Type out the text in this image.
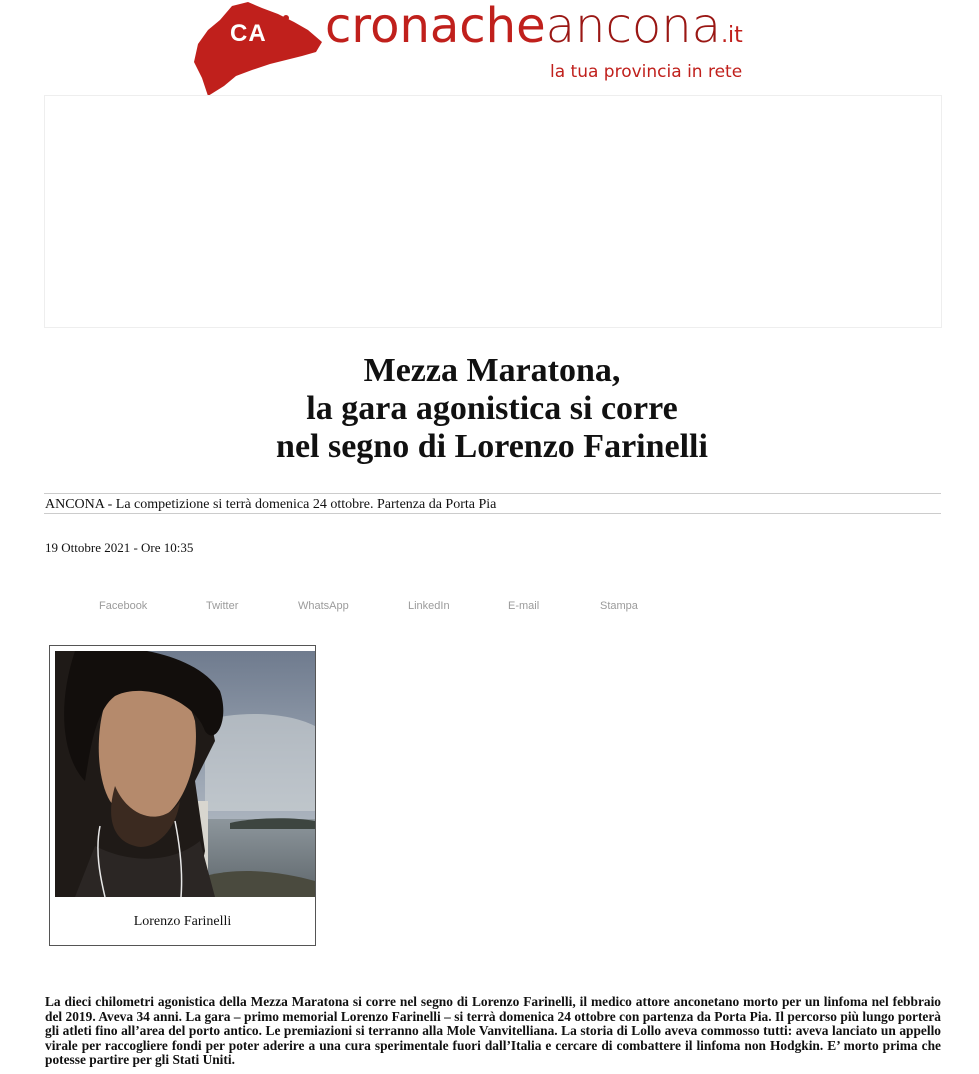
CA cronacheancona.it
la tua provincia in rete
Mezza Maratona,
la gara agonistica si corre
nel segno di Lorenzo Farinelli
ANCONA - La competizione si terrà domenica 24 ottobre. Partenza da Porta Pia
19 Ottobre 2021 - Ore 10:35
Facebook	Twitter	WhatsApp	LinkedIn	E-mail	Stampa
Lorenzo Farinelli

La dieci chilometri agonistica della Mezza Maratona si corre nel segno di Lorenzo Farinelli, il medico attore anconetano morto per un linfoma nel febbraio del 2019. Aveva 34 anni. La gara – primo memorial Lorenzo Farinelli – si terrà domenica 24 ottobre con partenza da Porta Pia. Il percorso più lungo porterà gli atleti fino all’area del porto antico. Le premiazioni si terranno alla Mole Vanvitelliana. La storia di Lollo aveva commosso tutti: aveva lanciato un appello virale per raccogliere fondi per poter aderire a una cura sperimentale fuori dall’Italia e cercare di combattere il linfoma non Hodgkin. E’ morto prima che potesse partire per gli Stati Uniti.
